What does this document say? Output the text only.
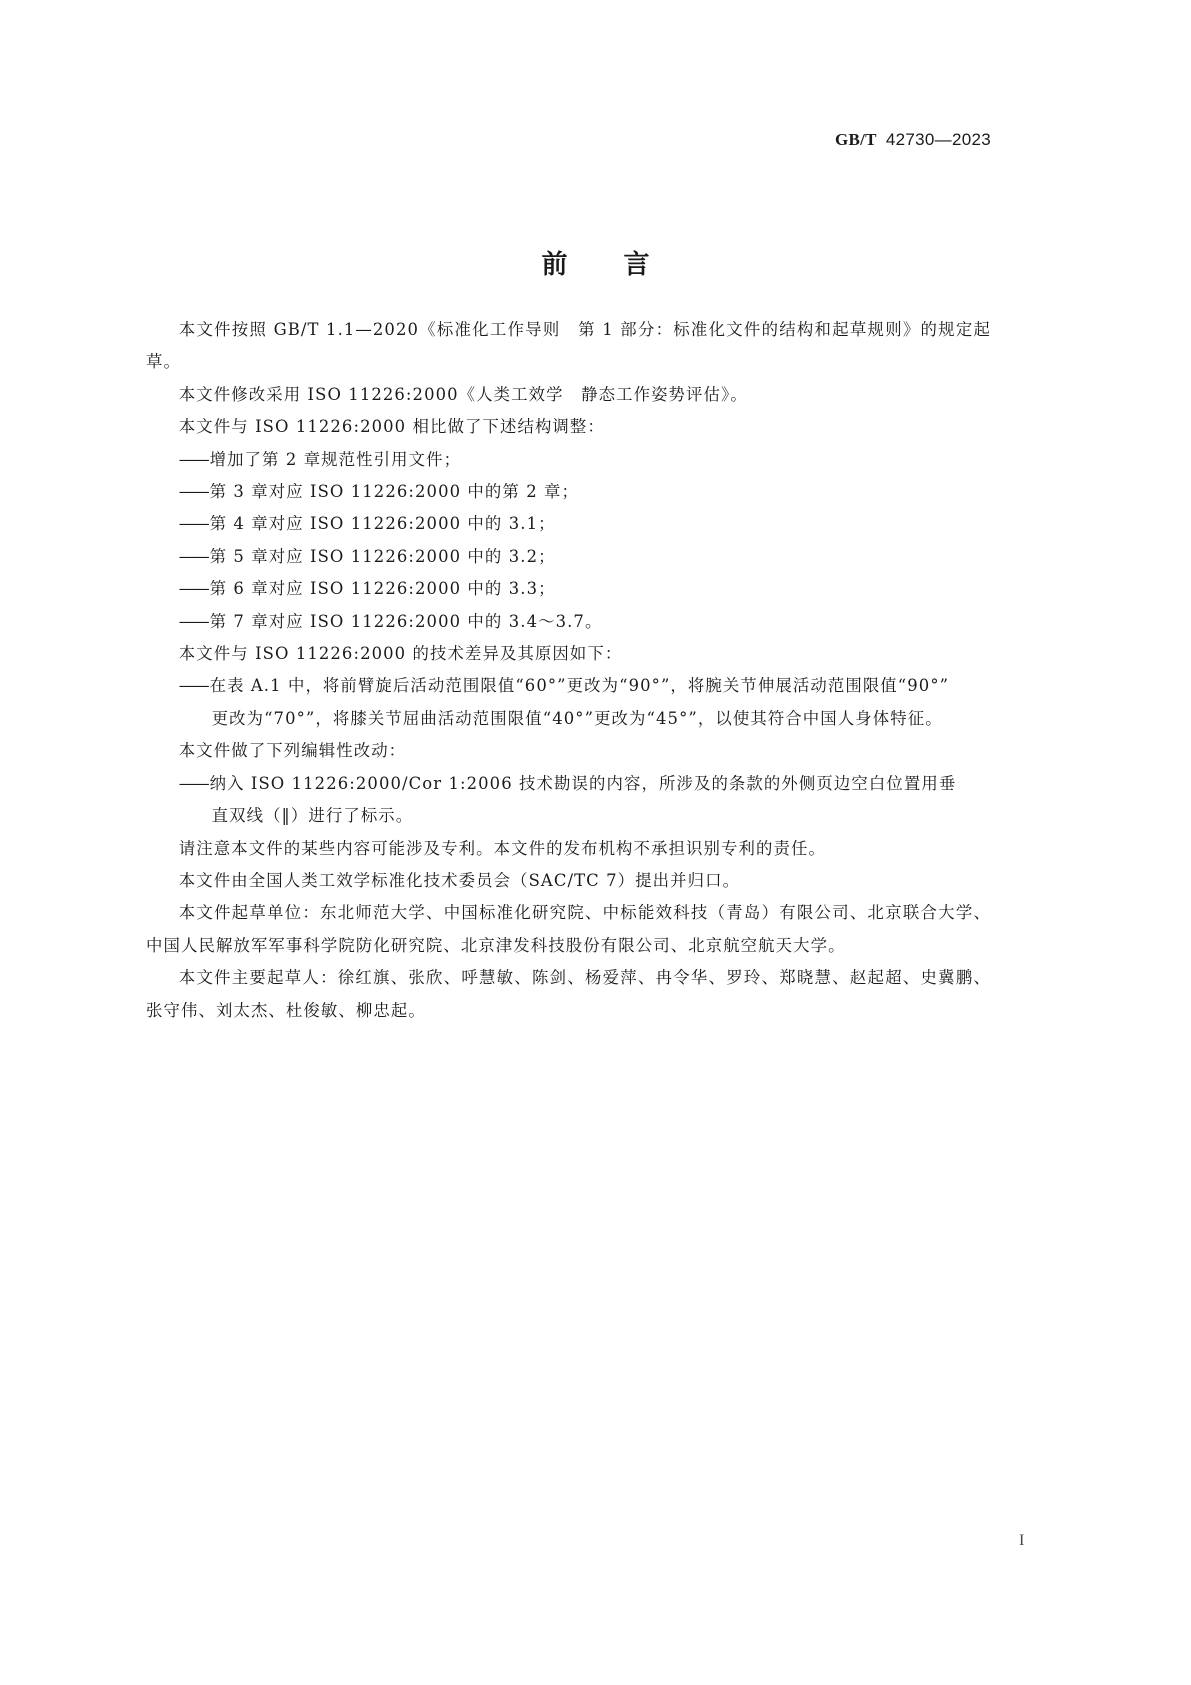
GB/T 42730—2023
前言
本文件按照 GB/T 1.1—2020《标准化工作导则　第 1 部分：标准化文件的结构和起草规则》的规定起草。
本文件修改采用 ISO 11226:2000《人类工效学　静态工作姿势评估》。
本文件与 ISO 11226:2000 相比做了下述结构调整：
—— 增加了第 2 章规范性引用文件；
—— 第 3 章对应 ISO 11226:2000 中的第 2 章；
—— 第 4 章对应 ISO 11226:2000 中的 3.1；
—— 第 5 章对应 ISO 11226:2000 中的 3.2；
—— 第 6 章对应 ISO 11226:2000 中的 3.3；
—— 第 7 章对应 ISO 11226:2000 中的 3.4～3.7。
本文件与 ISO 11226:2000 的技术差异及其原因如下：
—— 在表 A.1 中，将前臂旋后活动范围限值“60°”更改为“90°”，将腕关节伸展活动范围限值“90°”
更改为“70°”，将膝关节屈曲活动范围限值“40°”更改为“45°”，以使其符合中国人身体特征。
本文件做了下列编辑性改动：
—— 纳入 ISO 11226:2000/Cor 1:2006 技术勘误的内容，所涉及的条款的外侧页边空白位置用垂
直双线（‖）进行了标示。
请注意本文件的某些内容可能涉及专利。本文件的发布机构不承担识别专利的责任。
本文件由全国人类工效学标准化技术委员会（SAC/TC 7）提出并归口。
本文件起草单位：东北师范大学、中国标准化研究院、中标能效科技（青岛）有限公司、北京联合大学、中国人民解放军军事科学院防化研究院、北京津发科技股份有限公司、北京航空航天大学。
本文件主要起草人：徐红旗、张欣、呼慧敏、陈剑、杨爱萍、冉令华、罗玲、郑晓慧、赵起超、史冀鹏、张守伟、刘太杰、杜俊敏、柳忠起。
I
